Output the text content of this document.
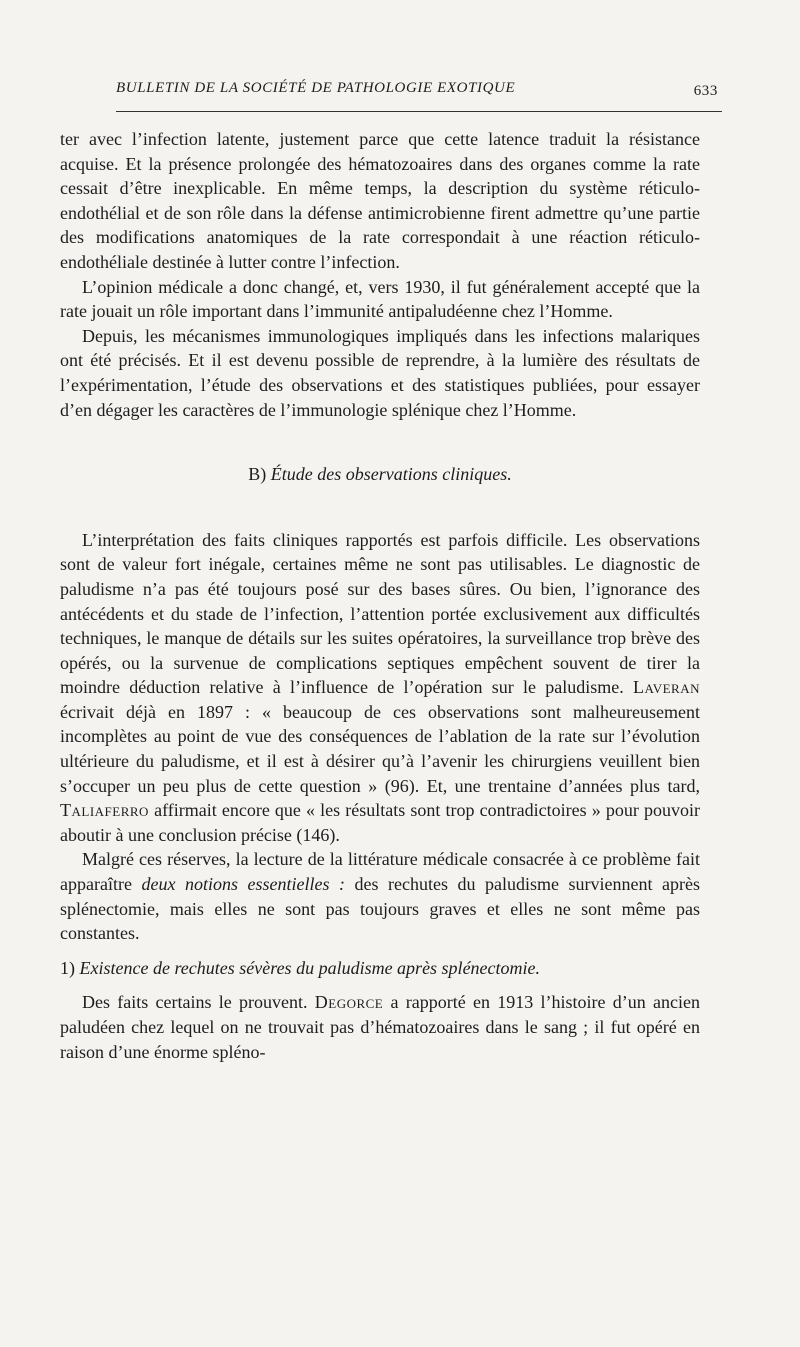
BULLETIN DE LA SOCIÉTÉ DE PATHOLOGIE EXOTIQUE	633

ter avec l’infection latente, justement parce que cette latence traduit la résistance acquise. Et la présence prolongée des hématozoaires dans des organes comme la rate cessait d’être inexplicable. En même temps, la description du système réticulo-endothélial et de son rôle dans la défense antimicrobienne firent admettre qu’une partie des modifications anatomiques de la rate correspondait à une réaction réticulo-endothéliale destinée à lutter contre l’infection.

L’opinion médicale a donc changé, et, vers 1930, il fut généralement accepté que la rate jouait un rôle important dans l’immunité antipaludéenne chez l’Homme.

Depuis, les mécanismes immunologiques impliqués dans les infections malariques ont été précisés. Et il est devenu possible de reprendre, à la lumière des résultats de l’expérimentation, l’étude des observations et des statistiques publiées, pour essayer d’en dégager les caractères de l’immunologie splénique chez l’Homme.

B) Étude des observations cliniques.

L’interprétation des faits cliniques rapportés est parfois difficile. Les observations sont de valeur fort inégale, certaines même ne sont pas utilisables. Le diagnostic de paludisme n’a pas été toujours posé sur des bases sûres. Ou bien, l’ignorance des antécédents et du stade de l’infection, l’attention portée exclusivement aux difficultés techniques, le manque de détails sur les suites opératoires, la surveillance trop brève des opérés, ou la survenue de complications septiques empêchent souvent de tirer la moindre déduction relative à l’influence de l’opération sur le paludisme. Laveran écrivait déjà en 1897 : « beaucoup de ces observations sont malheureusement incomplètes au point de vue des conséquences de l’ablation de la rate sur l’évolution ultérieure du paludisme, et il est à désirer qu’à l’avenir les chirurgiens veuillent bien s’occuper un peu plus de cette question » (96). Et, une trentaine d’années plus tard, Taliaferro affirmait encore que « les résultats sont trop contradictoires » pour pouvoir aboutir à une conclusion précise (146).

Malgré ces réserves, la lecture de la littérature médicale consacrée à ce problème fait apparaître deux notions essentielles : des rechutes du paludisme surviennent après splénectomie, mais elles ne sont pas toujours graves et elles ne sont même pas constantes.

1) Existence de rechutes sévères du paludisme après splénectomie.

Des faits certains le prouvent. Degorce a rapporté en 1913 l’histoire d’un ancien paludéen chez lequel on ne trouvait pas d’hématozoaires dans le sang ; il fut opéré en raison d’une énorme spléno-
